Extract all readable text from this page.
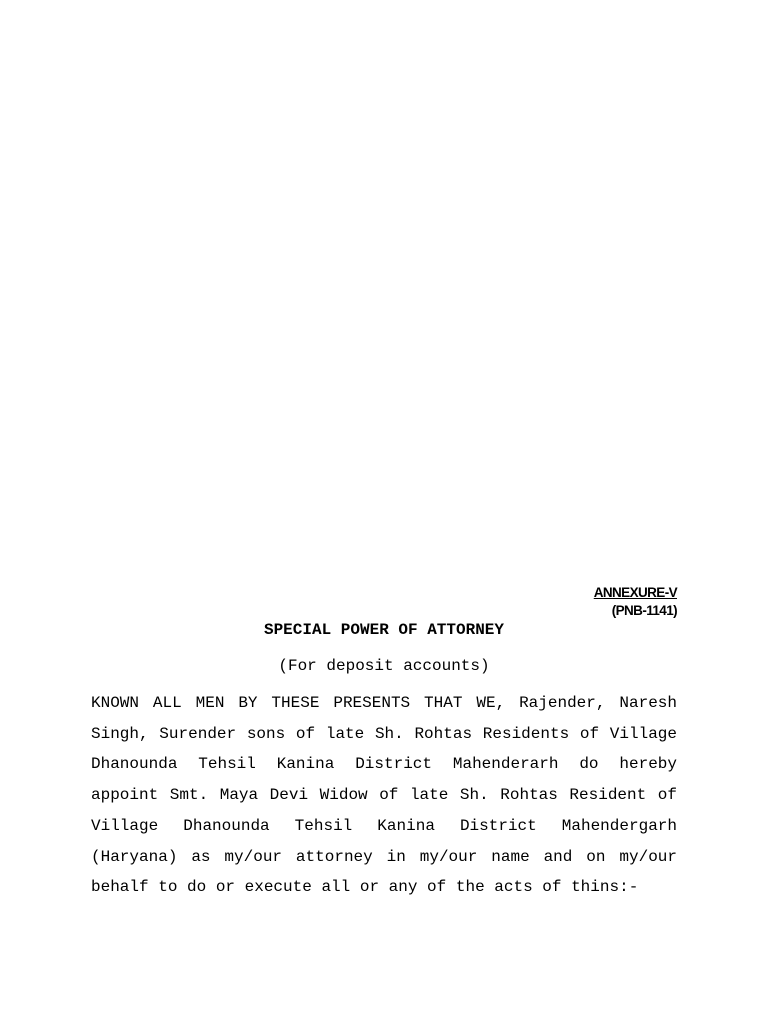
ANNEXURE-V
(PNB-1141)
SPECIAL POWER OF ATTORNEY
(For deposit accounts)

KNOWN ALL MEN BY THESE PRESENTS THAT WE, Rajender, Naresh Singh, Surender sons of late Sh. Rohtas Residents of Village Dhanounda Tehsil Kanina District Mahenderarh do hereby appoint Smt. Maya Devi Widow of late Sh. Rohtas Resident of Village Dhanounda Tehsil Kanina District Mahendergarh (Haryana) as my/our attorney in my/our name and on my/our behalf to do or execute all or any of the acts of thins:-
